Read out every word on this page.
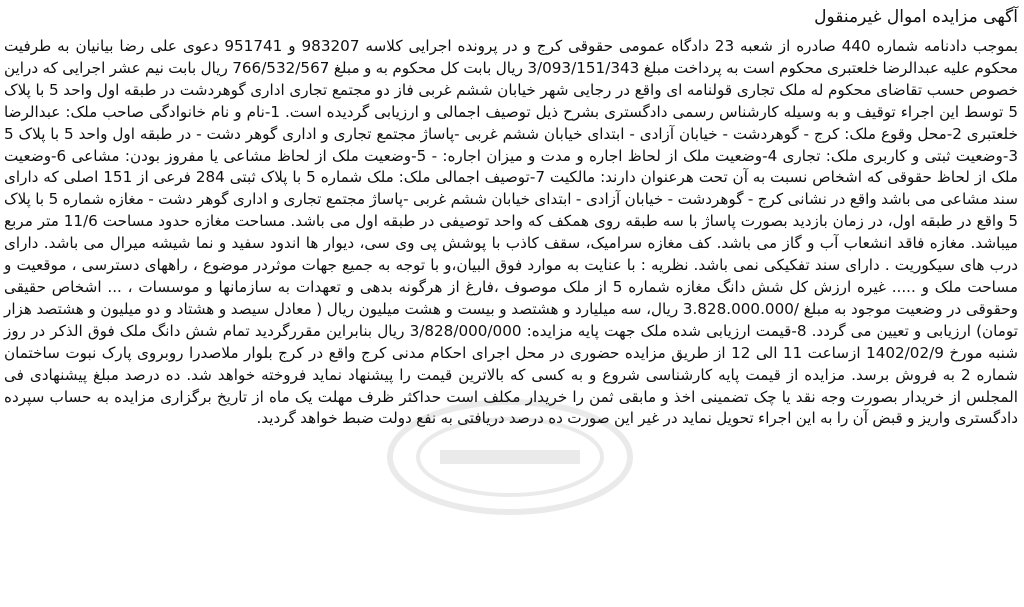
آگهی مزایده اموال غیرمنقول

بموجب دادنامه شماره 440 صادره از شعبه 23 دادگاه عمومی حقوقی کرج و در پرونده اجرایی کلاسه 983207 و 951741 دعوی علی رضا بیانیان به طرفیت محکوم علیه عبدالرضا خلعتبری محکوم است به پرداخت مبلغ 3/093/151/343 ریال بابت کل محکوم به و مبلغ 766/532/567 ریال بابت نیم عشر اجرایی که دراین خصوص حسب تقاضای محکوم له ملک تجاری قولنامه ای واقع در رجایی شهر خیابان ششم غربی فاز دو مجتمع تجاری اداری گوهردشت در طبقه اول واحد 5 با پلاک 5 توسط این اجراء توقیف و به وسیله کارشناس رسمی دادگستری بشرح ذیل توصیف اجمالی و ارزیابی گردیده است. 1-نام و نام خانوادگی صاحب ملک: عبدالرضا خلعتبری 2-محل وقوع ملک: کرج - گوهردشت - خیابان آزادی - ابتدای خیابان ششم غربی -پاساژ مجتمع تجاری و اداری گوهر دشت - در طبقه اول واحد 5 با پلاک 5 3-وضعیت ثبتی و کاربری ملک: تجاری 4-وضعیت ملک از لحاظ اجاره و مدت و میزان اجاره: - 5-وضعیت ملک از لحاظ مشاعی یا مفروز بودن: مشاعی 6-وضعیت ملک از لحاظ حقوقی که اشخاص نسبت به آن تحت هرعنوان دارند: مالکیت 7-توصیف اجمالی ملک: ملک شماره 5 با پلاک ثبتی 284 فرعی از 151 اصلی که دارای سند مشاعی می باشد واقع در نشانی کرج - گوهردشت - خیابان آزادی - ابتدای خیابان ششم غربی -پاساژ مجتمع تجاری و اداری گوهر دشت - مغازه شماره 5 با پلاک 5 واقع در طبقه اول، در زمان بازدید بصورت پاساژ با سه طبقه روی همکف که واحد توصیفی در طبقه اول می باشد. مساحت مغازه حدود مساحت 11/6 متر مربع میباشد. مغازه فاقد انشعاب آب و گاز می باشد. کف مغازه سرامیک، سقف کاذب با پوشش پی وی سی، دیوار ها اندود سفید و نما شیشه میرال می باشد. دارای درب های سیکوریت . دارای سند تفکیکی نمی باشد. نظریه : با عنایت به موارد فوق البیان،و با توجه به جمیع جهات موثردر موضوع ، راههای دسترسی ، موقعیت و مساحت ملک و ..... غیره ارزش کل شش دانگ مغازه شماره 5 از ملک موصوف ،فارغ از هرگونه بدهی و تعهدات به سازمانها و موسسات ، ... اشخاص حقیقی وحقوقی در وضعیت موجود به مبلغ /3.828.000.000 ریال، سه میلیارد و هشتصد و بیست و هشت میلیون ریال ( معادل سیصد و هشتاد و دو میلیون و هشتصد هزار تومان) ارزیابی و تعیین می گردد. 8-قیمت ارزیابی شده ملک جهت پایه مزایده: 3/828/000/000 ریال بنابراین مقررگردید تمام شش دانگ ملک فوق الذکر در روز شنبه مورخ 1402/02/9 ازساعت 11 الی 12 از طریق مزایده حضوری در محل اجرای احکام مدنی کرج واقع در کرج بلوار ملاصدرا روبروی پارک نبوت ساختمان شماره 2 به فروش برسد. مزایده از قیمت پایه کارشناسی شروع و به کسی که بالاترین قیمت را پیشنهاد نماید فروخته خواهد شد. ده درصد مبلغ پیشنهادی فی المجلس از خریدار بصورت وجه نقد یا چک تضمینی اخذ و مابقی ثمن را خریدار مکلف است حداکثر ظرف مهلت یک ماه از تاریخ برگزاری مزایده به حساب سپرده دادگستری واریز و قبض آن را به این اجراء تحویل نماید در غیر این صورت ده درصد دریافتی به نفع دولت ضبط خواهد گردید.
